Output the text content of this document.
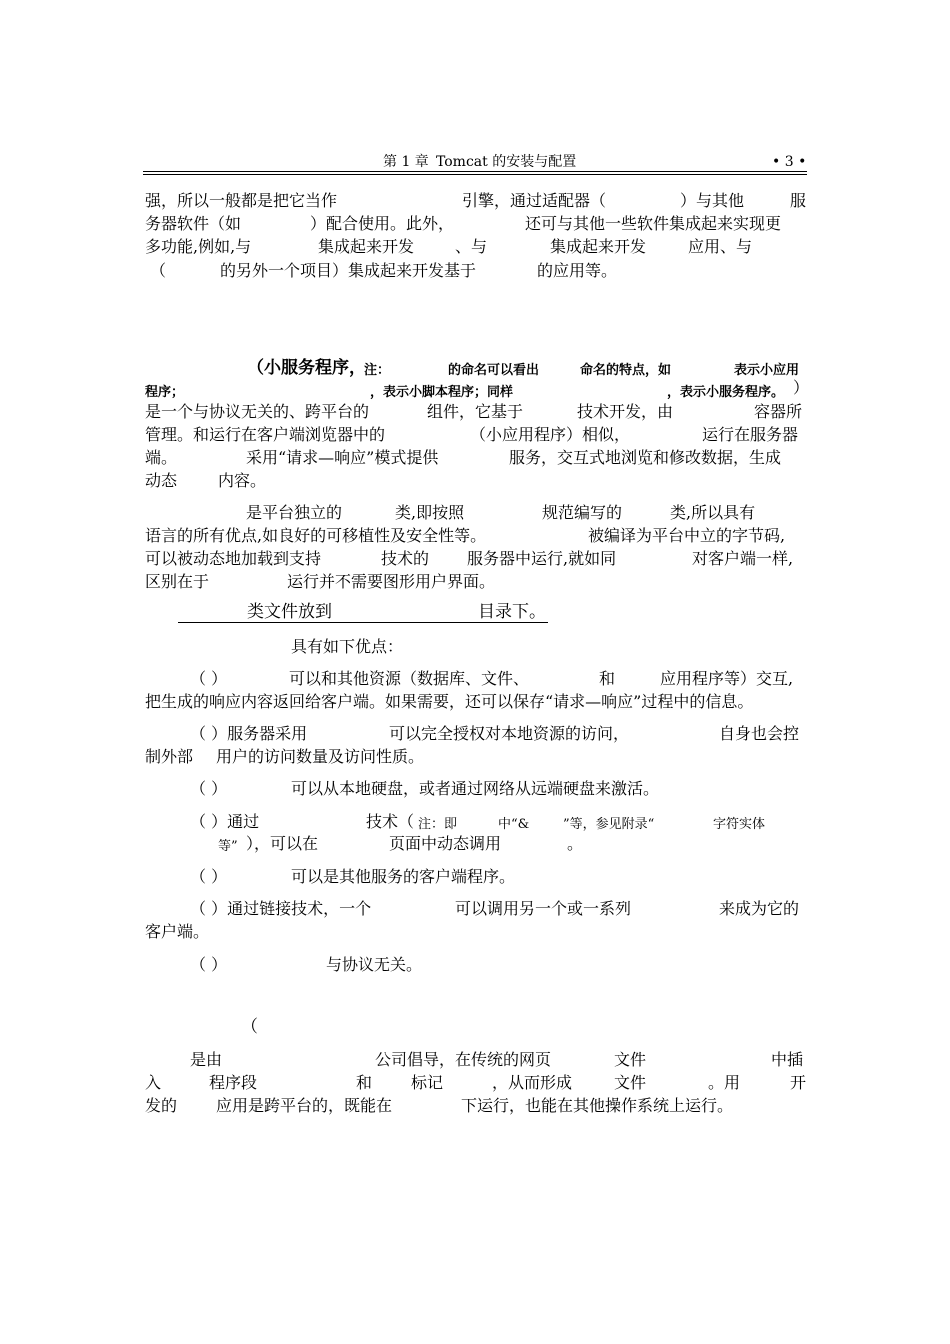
第 1 章 Tomcat 的安装与配置	• 3 •
强，所以一般都是把它当作	引擎，通过适配器（	）与其他	服
务器软件（如	）配合使用。此外，	还可与其他一些软件集成起来实现更
多功能,例如,与	集成起来开发	、与	集成起来开发	应用、与
（	的另外一个项目）集成起来开发基于	的应用等。
（小服务程序，
注：	的命名可以看出	命名的特点，如	表示小应用
程序；	，表示小脚本程序；同样	，表示小服务程序。 ）
是一个与协议无关的、跨平台的	组件，它基于	技术开发，由	容器所
管理。和运行在客户端浏览器中的	（小应用程序）相似，	运行在服务器
端。	采用“请求—响应”模式提供	服务，交互式地浏览和修改数据，生成
动态	内容。
是平台独立的	类,即按照	规范编写的	类,所以具有
语言的所有优点,如良好的可移植性及安全性等。	被编译为平台中立的字节码,
可以被动态地加载到支持	技术的 服务器中运行,就如同	对客户端一样,
区别在于	运行并不需要图形用户界面。
类文件放到	目录下。
具有如下优点：
（ ）	可以和其他资源（数据库、文件、	和	应用程序等）交互,
把生成的响应内容返回给客户端。如果需要，还可以保存“请求—响应”过程中的信息。
（ ）服务器采用	可以完全授权对本地资源的访问，	自身也会控
制外部 用户的访问数量及访问性质。
（ ）	可以从本地硬盘，或者通过网络从远端硬盘来激活。
（ ）通过	技术（ 注：即	中“&	”等，参见附录“	字符实体
等” ），可以在	页面中动态调用	。
（ ）	可以是其他服务的客户端程序。
（ ）通过链接技术，一个	可以调用另一个或一系列	来成为它的
客户端。
（ ）	与协议无关。
（
是由	公司倡导，在传统的网页	文件	中插
入	程序段	和 标记	，从而形成	文件	。用	开
发的 应用是跨平台的，既能在	下运行，也能在其他操作系统上运行。
